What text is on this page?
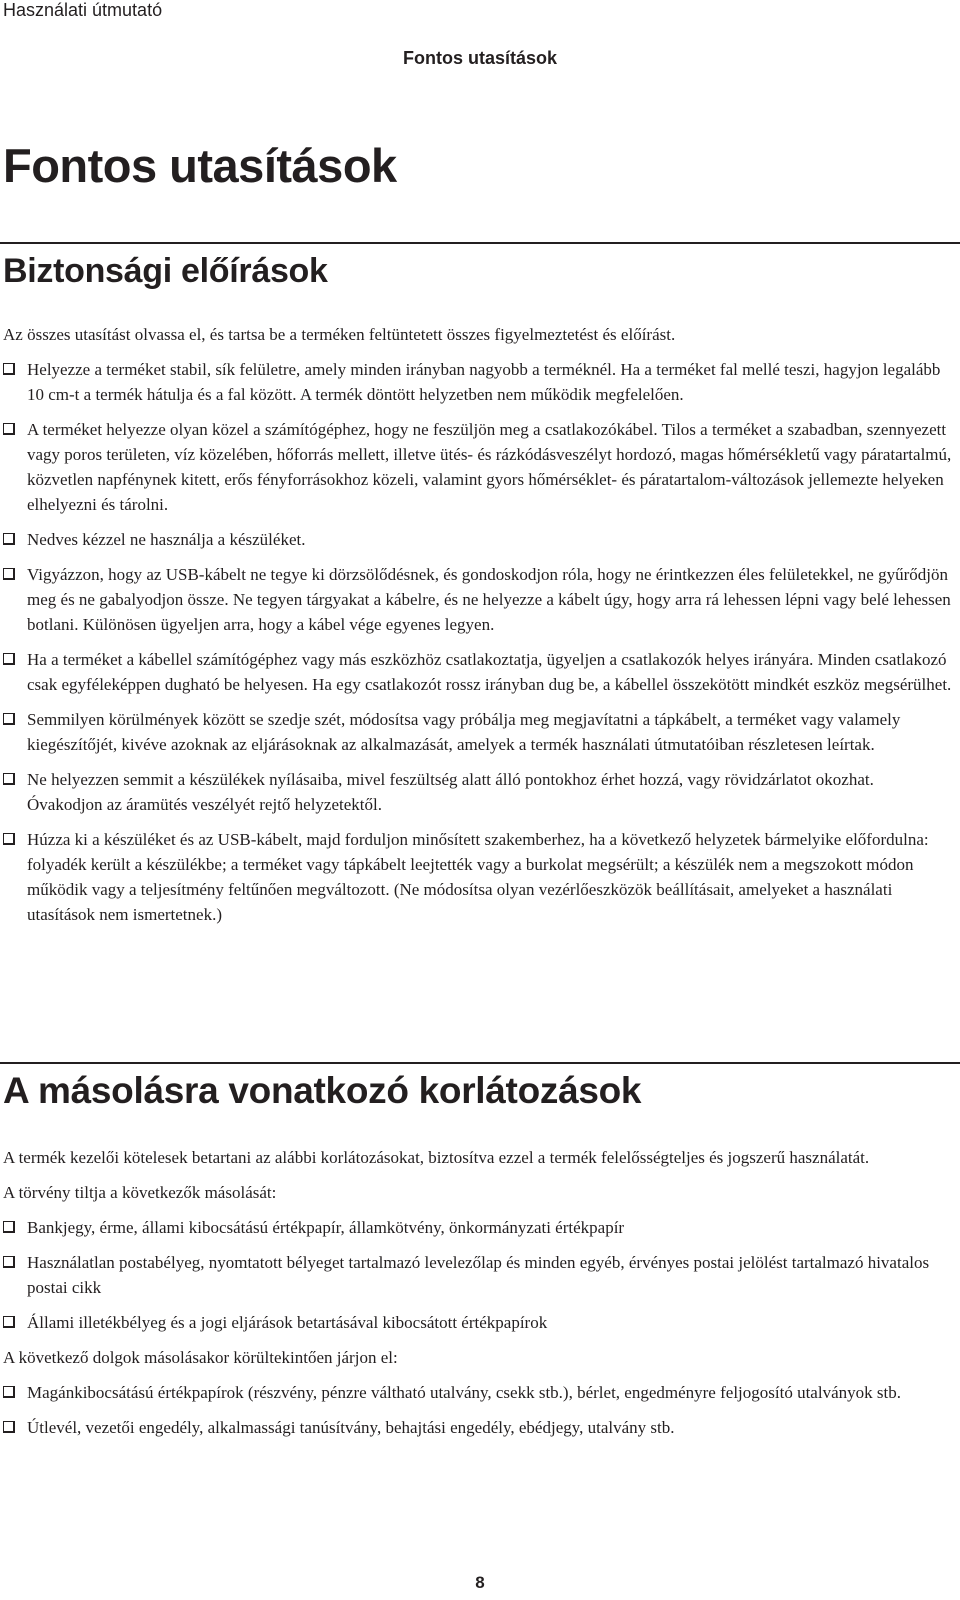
Használati útmutató
Fontos utasítások
Fontos utasítások
Biztonsági előírások

Az összes utasítást olvassa el, és tartsa be a terméken feltüntetett összes figyelmeztetést és előírást.

Helyezze a terméket stabil, sík felületre, amely minden irányban nagyobb a terméknél. Ha a terméket fal mellé teszi, hagyjon legalább 10 cm-t a termék hátulja és a fal között. A termék döntött helyzetben nem működik megfelelően.
A terméket helyezze olyan közel a számítógéphez, hogy ne feszüljön meg a csatlakozókábel. Tilos a terméket a szabadban, szennyezett vagy poros területen, víz közelében, hőforrás mellett, illetve ütés- és rázkódásveszélyt hordozó, magas hőmérsékletű vagy páratartalmú, közvetlen napfénynek kitett, erős fényforrásokhoz közeli, valamint gyors hőmérséklet- és páratartalom-változások jellemezte helyeken elhelyezni és tárolni.
Nedves kézzel ne használja a készüléket.
Vigyázzon, hogy az USB-kábelt ne tegye ki dörzsölődésnek, és gondoskodjon róla, hogy ne érintkezzen éles felületekkel, ne gyűrődjön meg és ne gabalyodjon össze. Ne tegyen tárgyakat a kábelre, és ne helyezze a kábelt úgy, hogy arra rá lehessen lépni vagy belé lehessen botlani. Különösen ügyeljen arra, hogy a kábel vége egyenes legyen.
Ha a terméket a kábellel számítógéphez vagy más eszközhöz csatlakoztatja, ügyeljen a csatlakozók helyes irányára. Minden csatlakozó csak egyféleképpen dugható be helyesen. Ha egy csatlakozót rossz irányban dug be, a kábellel összekötött mindkét eszköz megsérülhet.
Semmilyen körülmények között se szedje szét, módosítsa vagy próbálja meg megjavítatni a tápkábelt, a terméket vagy valamely kiegészítőjét, kivéve azoknak az eljárásoknak az alkalmazását, amelyek a termék használati útmutatóiban részletesen leírtak.
Ne helyezzen semmit a készülékek nyílásaiba, mivel feszültség alatt álló pontokhoz érhet hozzá, vagy rövidzárlatot okozhat. Óvakodjon az áramütés veszélyét rejtő helyzetektől.
Húzza ki a készüléket és az USB-kábelt, majd forduljon minősített szakemberhez, ha a következő helyzetek bármelyike előfordulna: folyadék került a készülékbe; a terméket vagy tápkábelt leejtették vagy a burkolat megsérült; a készülék nem a megszokott módon működik vagy a teljesítmény feltűnően megváltozott. (Ne módosítsa olyan vezérlőeszközök beállításait, amelyeket a használati utasítások nem ismertetnek.)
A másolásra vonatkozó korlátozások

A termék kezelői kötelesek betartani az alábbi korlátozásokat, biztosítva ezzel a termék felelősségteljes és jogszerű használatát.

A törvény tiltja a következők másolását:

Bankjegy, érme, állami kibocsátású értékpapír, államkötvény, önkormányzati értékpapír
Használatlan postabélyeg, nyomtatott bélyeget tartalmazó levelezőlap és minden egyéb, érvényes postai jelölést tartalmazó hivatalos postai cikk
Állami illetékbélyeg és a jogi eljárások betartásával kibocsátott értékpapírok

A következő dolgok másolásakor körültekintően járjon el:

Magánkibocsátású értékpapírok (részvény, pénzre váltható utalvány, csekk stb.), bérlet, engedményre feljogosító utalványok stb.
Útlevél, vezetői engedély, alkalmassági tanúsítvány, behajtási engedély, ebédjegy, utalvány stb.
8
